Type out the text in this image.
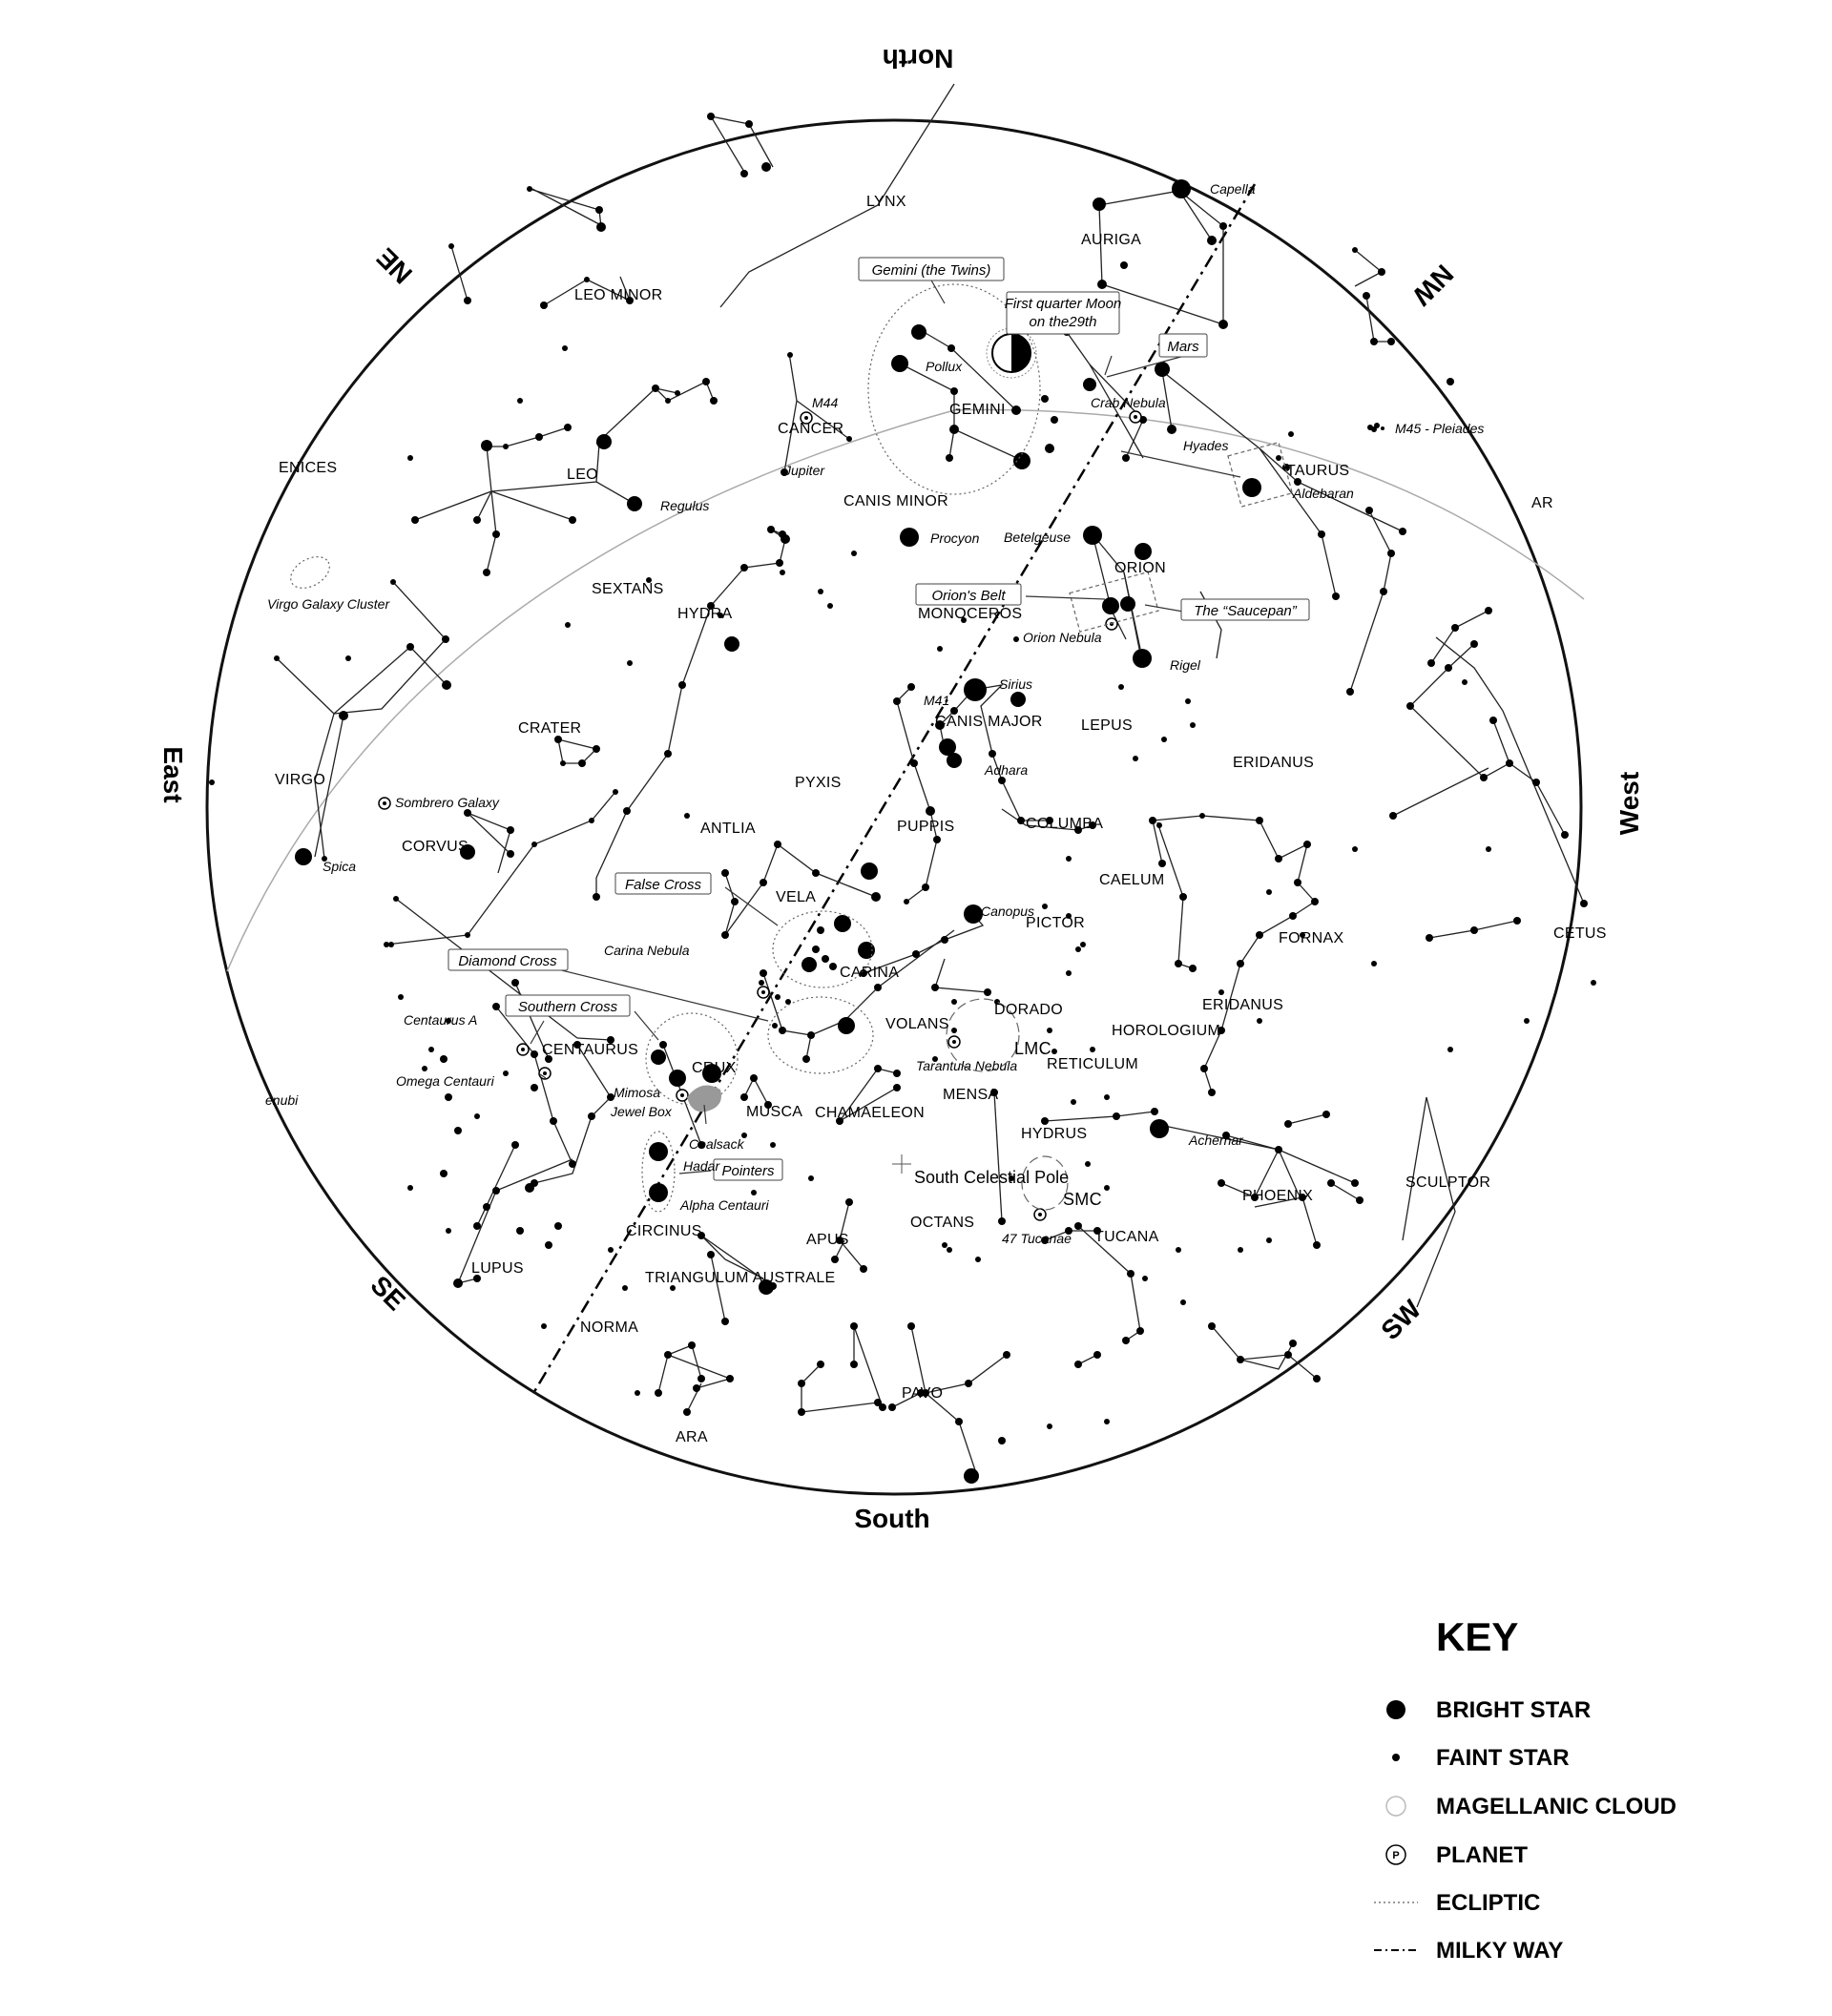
North
South
East	West
NE	NW
SE
SW
Gemini (the Twins)
First quarter Moon
on the29th
Mars
Orion's Belt
The “Saucepan”
False Cross
Diamond Cross
Southern Cross
Pointers
LYNX
AURIGA
LEO MINOR
GEMINI
CANCER
TAURUS
ENICES	LEO
AR
CANIS MINOR
ORION
SEXTANS
HYDRA	MONOCEROS
CANIS MAJOR	LEPUS
CRATER
ERIDANUS
PYXIS
VIRGO
ANTLIA	PUPPIS	COLUMBA
CORVUS
CAELUM
VELA
PICTOR
FORNAX	CETUS
CARINA
ERIDANUS
DORADO
VOLANS	HOROLOGIUM
CENTAURUS
CRUX	RETICULUM
MENSA
MUSCA CHAMAELEON
HYDRUS
PHOENIX
SCULPTOR
CIRCINUS
APUS
OCTANS
TUCANA
LUPUS
TRIANGULUM AUSTRALE
NORMA
PAVO
ARA
Capella
Pollux
M44	Crab Nebula
M45 - Pleiades
Hyades
Aldebaran
Jupiter
Regulus
Procyon Betelgeuse
Virgo Galaxy Cluster
Orion Nebula
Rigel
Sirius
M41
Adhara
Sombrero Galaxy
Spica
Canopus
Carina Nebula
Tarantula Nebula
LMC
Centaurus A
Omega Centauri
enubi	Mimosa
Jewel Box
Coalsack	Achernar
Hadar
Alpha Centauri
South Celestial Pole
SMC
47 Tucanae
KEY
BRIGHT STAR
FAINT STAR
MAGELLANIC CLOUD
P PLANET
ECLIPTIC
MILKY WAY
